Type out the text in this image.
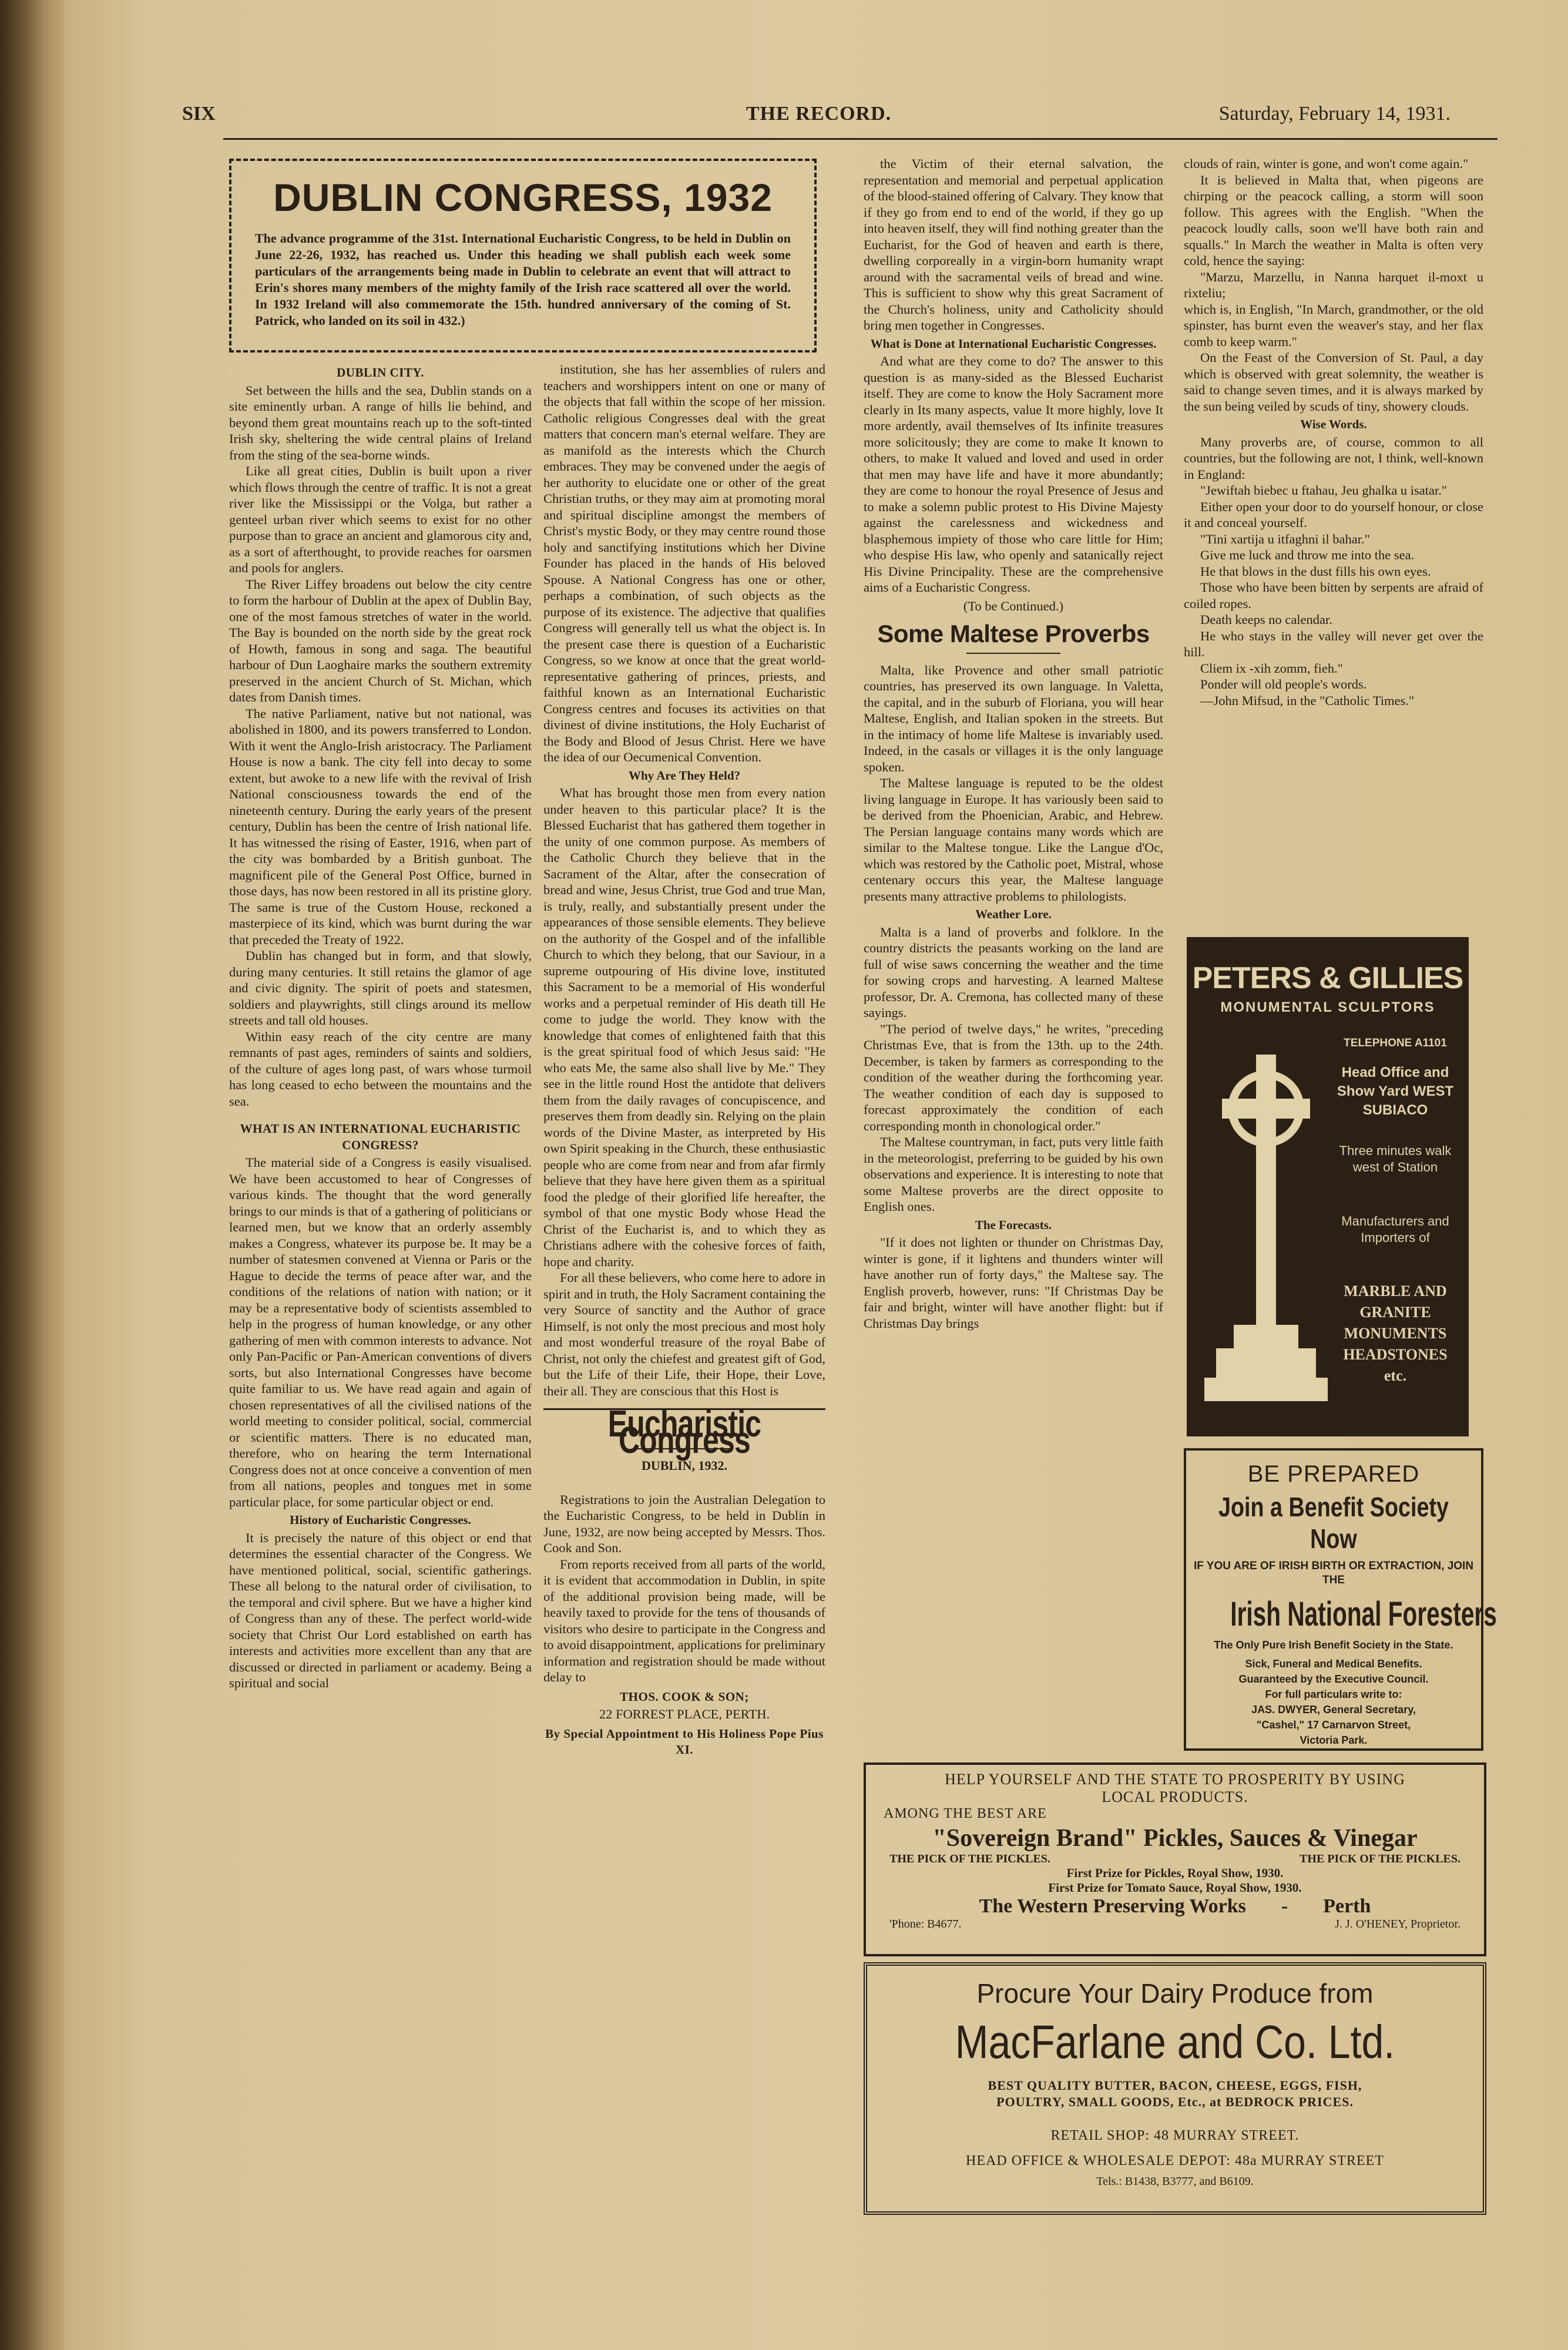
SIX	THE RECORD.	Saturday, February 14, 1931.
DUBLIN CONGRESS, 1932
The advance programme of the 31st. International Eucharistic Congress, to be held in Dublin on June 22-26, 1932, has reached us. Under this heading we shall publish each week some particulars of the arrangements being made in Dublin to celebrate an event that will attract to Erin's shores many members of the mighty family of the Irish race scattered all over the world. In 1932 Ireland will also commemorate the 15th. hundred anniversary of the coming of St. Patrick, who landed on its soil in 432.)
DUBLIN CITY.

Set between the hills and the sea, Dublin stands on a site eminently urban. A range of hills lie behind, and beyond them great mountains reach up to the soft-tinted Irish sky, sheltering the wide central plains of Ireland from the sting of the sea-borne winds.

Like all great cities, Dublin is built upon a river which flows through the centre of traffic. It is not a great river like the Mississippi or the Volga, but rather a genteel urban river which seems to exist for no other purpose than to grace an ancient and glamorous city and, as a sort of afterthought, to provide reaches for oarsmen and pools for anglers.

The River Liffey broadens out below the city centre to form the harbour of Dublin at the apex of Dublin Bay, one of the most famous stretches of water in the world. The Bay is bounded on the north side by the great rock of Howth, famous in song and saga. The beautiful harbour of Dun Laoghaire marks the southern extremity preserved in the ancient Church of St. Michan, which dates from Danish times.

The native Parliament, native but not national, was abolished in 1800, and its powers transferred to London. With it went the Anglo-Irish aristocracy. The Parliament House is now a bank. The city fell into decay to some extent, but awoke to a new life with the revival of Irish National consciousness towards the end of the nineteenth century. During the early years of the present century, Dublin has been the centre of Irish national life. It has witnessed the rising of Easter, 1916, when part of the city was bombarded by a British gunboat. The magnificent pile of the General Post Office, burned in those days, has now been restored in all its pristine glory. The same is true of the Custom House, reckoned a masterpiece of its kind, which was burnt during the war that preceded the Treaty of 1922.

Dublin has changed but in form, and that slowly, during many centuries. It still retains the glamor of age and civic dignity. The spirit of poets and statesmen, soldiers and playwrights, still clings around its mellow streets and tall old houses.

Within easy reach of the city centre are many remnants of past ages, reminders of saints and soldiers, of the culture of ages long past, of wars whose turmoil has long ceased to echo between the mountains and the sea.

WHAT IS AN INTERNATIONAL EUCHARISTIC CONGRESS?

The material side of a Congress is easily visualised. We have been accustomed to hear of Congresses of various kinds. The thought that the word generally brings to our minds is that of a gathering of politicians or learned men, but we know that an orderly assembly makes a Congress, whatever its purpose be. It may be a number of statesmen convened at Vienna or Paris or the Hague to decide the terms of peace after war, and the conditions of the relations of nation with nation; or it may be a representative body of scientists assembled to help in the progress of human knowledge, or any other gathering of men with common interests to advance. Not only Pan-Pacific or Pan-American conventions of divers sorts, but also International Congresses have become quite familiar to us. We have read again and again of chosen representatives of all the civilised nations of the world meeting to consider political, social, commercial or scientific matters. There is no educated man, therefore, who on hearing the term International Congress does not at once conceive a convention of men from all nations, peoples and tongues met in some particular place, for some particular object or end.

History of Eucharistic Congresses.

It is precisely the nature of this object or end that determines the essential character of the Congress. We have mentioned political, social, scientific gatherings. These all belong to the natural order of civilisation, to the temporal and civil sphere. But we have a higher kind of Congress than any of these. The perfect world-wide society that Christ Our Lord established on earth has interests and activities more excellent than any that are discussed or directed in parliament or academy. Being a spiritual and social

institution, she has her assemblies of rulers and teachers and worshippers intent on one or many of the objects that fall within the scope of her mission. Catholic religious Congresses deal with the great matters that concern man's eternal welfare. They are as manifold as the interests which the Church embraces. They may be convened under the aegis of her authority to elucidate one or other of the great Christian truths, or they may aim at promoting moral and spiritual discipline amongst the members of Christ's mystic Body, or they may centre round those holy and sanctifying institutions which her Divine Founder has placed in the hands of His beloved Spouse. A National Congress has one or other, perhaps a combination, of such objects as the purpose of its existence. The adjective that qualifies Congress will generally tell us what the object is. In the present case there is question of a Eucharistic Congress, so we know at once that the great world-representative gathering of princes, priests, and faithful known as an International Eucharistic Congress centres and focuses its activities on that divinest of divine institutions, the Holy Eucharist of the Body and Blood of Jesus Christ. Here we have the idea of our Oecumenical Convention.

Why Are They Held?

What has brought those men from every nation under heaven to this particular place? It is the Blessed Eucharist that has gathered them together in the unity of one common purpose. As members of the Catholic Church they believe that in the Sacrament of the Altar, after the consecration of bread and wine, Jesus Christ, true God and true Man, is truly, really, and substantially present under the appearances of those sensible elements. They believe on the authority of the Gospel and of the infallible Church to which they belong, that our Saviour, in a supreme outpouring of His divine love, instituted this Sacrament to be a memorial of His wonderful works and a perpetual reminder of His death till He come to judge the world. They know with the knowledge that comes of enlightened faith that this is the great spiritual food of which Jesus said: "He who eats Me, the same also shall live by Me." They see in the little round Host the antidote that delivers them from the daily ravages of concupiscence, and preserves them from deadly sin. Relying on the plain words of the Divine Master, as interpreted by His own Spirit speaking in the Church, these enthusiastic people who are come from near and from afar firmly believe that they have here given them as a spiritual food the pledge of their glorified life hereafter, the symbol of that one mystic Body whose Head the Christ of the Eucharist is, and to which they as Christians adhere with the cohesive forces of faith, hope and charity.

For all these believers, who come here to adore in spirit and in truth, the Holy Sacrament containing the very Source of sanctity and the Author of grace Himself, is not only the most precious and most holy and most wonderful treasure of the royal Babe of Christ, not only the chiefest and greatest gift of God, but the Life of their Life, their Hope, their Love, their all. They are conscious that this Host is

Eucharistic Congress
DUBLIN, 1932.

Registrations to join the Australian Delegation to the Eucharistic Congress, to be held in Dublin in June, 1932, are now being accepted by Messrs. Thos. Cook and Son.

From reports received from all parts of the world, it is evident that accommodation in Dublin, in spite of the additional provision being made, will be heavily taxed to provide for the tens of thousands of visitors who desire to participate in the Congress and to avoid disappointment, applications for preliminary information and registration should be made without delay to

THOS. COOK & SON;
22 FORREST PLACE, PERTH.
By Special Appointment to His Holiness Pope Pius XI.

the Victim of their eternal salvation, the representation and memorial and perpetual application of the blood-stained offering of Calvary. They know that if they go from end to end of the world, if they go up into heaven itself, they will find nothing greater than the Eucharist, for the God of heaven and earth is there, dwelling corporeally in a virgin-born humanity wrapt around with the sacramental veils of bread and wine. This is sufficient to show why this great Sacrament of the Church's holiness, unity and Catholicity should bring men together in Congresses.

What is Done at International Eucharistic Congresses.

And what are they come to do? The answer to this question is as many-sided as the Blessed Eucharist itself. They are come to know the Holy Sacrament more clearly in Its many aspects, value It more highly, love It more ardently, avail themselves of Its infinite treasures more solicitously; they are come to make It known to others, to make It valued and loved and used in order that men may have life and have it more abundantly; they are come to honour the royal Presence of Jesus and to make a solemn public protest to His Divine Majesty against the carelessness and wickedness and blasphemous impiety of those who care little for Him; who despise His law, who openly and satanically reject His Divine Principality. These are the comprehensive aims of a Eucharistic Congress.

(To be Continued.)
Some Maltese Proverbs

Malta, like Provence and other small patriotic countries, has preserved its own language. In Valetta, the capital, and in the suburb of Floriana, you will hear Maltese, English, and Italian spoken in the streets. But in the intimacy of home life Maltese is invariably used. Indeed, in the casals or villages it is the only language spoken.

The Maltese language is reputed to be the oldest living language in Europe. It has variously been said to be derived from the Phoenician, Arabic, and Hebrew. The Persian language contains many words which are similar to the Maltese tongue. Like the Langue d'Oc, which was restored by the Catholic poet, Mistral, whose centenary occurs this year, the Maltese language presents many attractive problems to philologists.

Weather Lore.

Malta is a land of proverbs and folklore. In the country districts the peasants working on the land are full of wise saws concerning the weather and the time for sowing crops and harvesting. A learned Maltese professor, Dr. A. Cremona, has collected many of these sayings.

"The period of twelve days," he writes, "preceding Christmas Eve, that is from the 13th. up to the 24th. December, is taken by farmers as corresponding to the condition of the weather during the forthcoming year. The weather condition of each day is supposed to forecast approximately the condition of each corresponding month in chonological order."

The Maltese countryman, in fact, puts very little faith in the meteorologist, preferring to be guided by his own observations and experience. It is interesting to note that some Maltese proverbs are the direct opposite to English ones.

The Forecasts.

"If it does not lighten or thunder on Christmas Day, winter is gone, if it lightens and thunders winter will have another run of forty days," the Maltese say. The English proverb, however, runs: "If Christmas Day be fair and bright, winter will have another flight: but if Christmas Day brings

clouds of rain, winter is gone, and won't come again."

It is believed in Malta that, when pigeons are chirping or the peacock calling, a storm will soon follow. This agrees with the English. "When the peacock loudly calls, soon we'll have both rain and squalls." In March the weather in Malta is often very cold, hence the saying:

"Marzu, Marzellu, in Nanna harquet il-moxt u rixteliu;

which is, in English, "In March, grandmother, or the old spinster, has burnt even the weaver's stay, and her flax comb to keep warm."

On the Feast of the Conversion of St. Paul, a day which is observed with great solemnity, the weather is said to change seven times, and it is always marked by the sun being veiled by scuds of tiny, showery clouds.

Wise Words.

Many proverbs are, of course, common to all countries, but the following are not, I think, well-known in England:

"Jewiftah biebec u ftahau, Jeu ghalka u isatar."

Either open your door to do yourself honour, or close it and conceal yourself.

"Tini xartija u itfaghni il bahar."

Give me luck and throw me into the sea.

He that blows in the dust fills his own eyes.

Those who have been bitten by serpents are afraid of coiled ropes.

Death keeps no calendar.

He who stays in the valley will never get over the hill.

Cliem ix -xih zomm, fieh."

Ponder will old people's words.

—John Mifsud, in the "Catholic Times."

PETERS & GILLIES
MONUMENTAL SCULPTORS
TELEPHONE A1101
Head Office and Show Yard WEST SUBIACO
Three minutes walk west of Station
Manufacturers and Importers of
MARBLE AND GRANITE MONUMENTS HEADSTONES etc.
BE PREPARED
Join a Benefit Society Now
IF YOU ARE OF IRISH BIRTH OR EXTRACTION, JOIN THE
Irish National Foresters
The Only Pure Irish Benefit Society in the State.
Sick, Funeral and Medical Benefits.
Guaranteed by the Executive Council.
For full particulars write to:
JAS. DWYER, General Secretary,
"Cashel," 17 Carnarvon Street,
Victoria Park.
HELP YOURSELF AND THE STATE TO PROSPERITY BY USING LOCAL PRODUCTS.
AMONG THE BEST ARE
"Sovereign Brand" Pickles, Sauces & Vinegar
THE PICK OF THE PICKLES.	THE PICK OF THE PICKLES.
First Prize for Pickles, Royal Show, 1930.
First Prize for Tomato Sauce, Royal Show, 1930.
The Western Preserving Works - Perth
'Phone: B4677.	J. J. O'HENEY, Proprietor.
Procure Your Dairy Produce from
MacFarlane and Co. Ltd.
BEST QUALITY BUTTER, BACON, CHEESE, EGGS, FISH, POULTRY, SMALL GOODS, Etc., at BEDROCK PRICES.
RETAIL SHOP: 48 MURRAY STREET.
HEAD OFFICE & WHOLESALE DEPOT: 48a MURRAY STREET
Tels.: B1438, B3777, and B6109.
